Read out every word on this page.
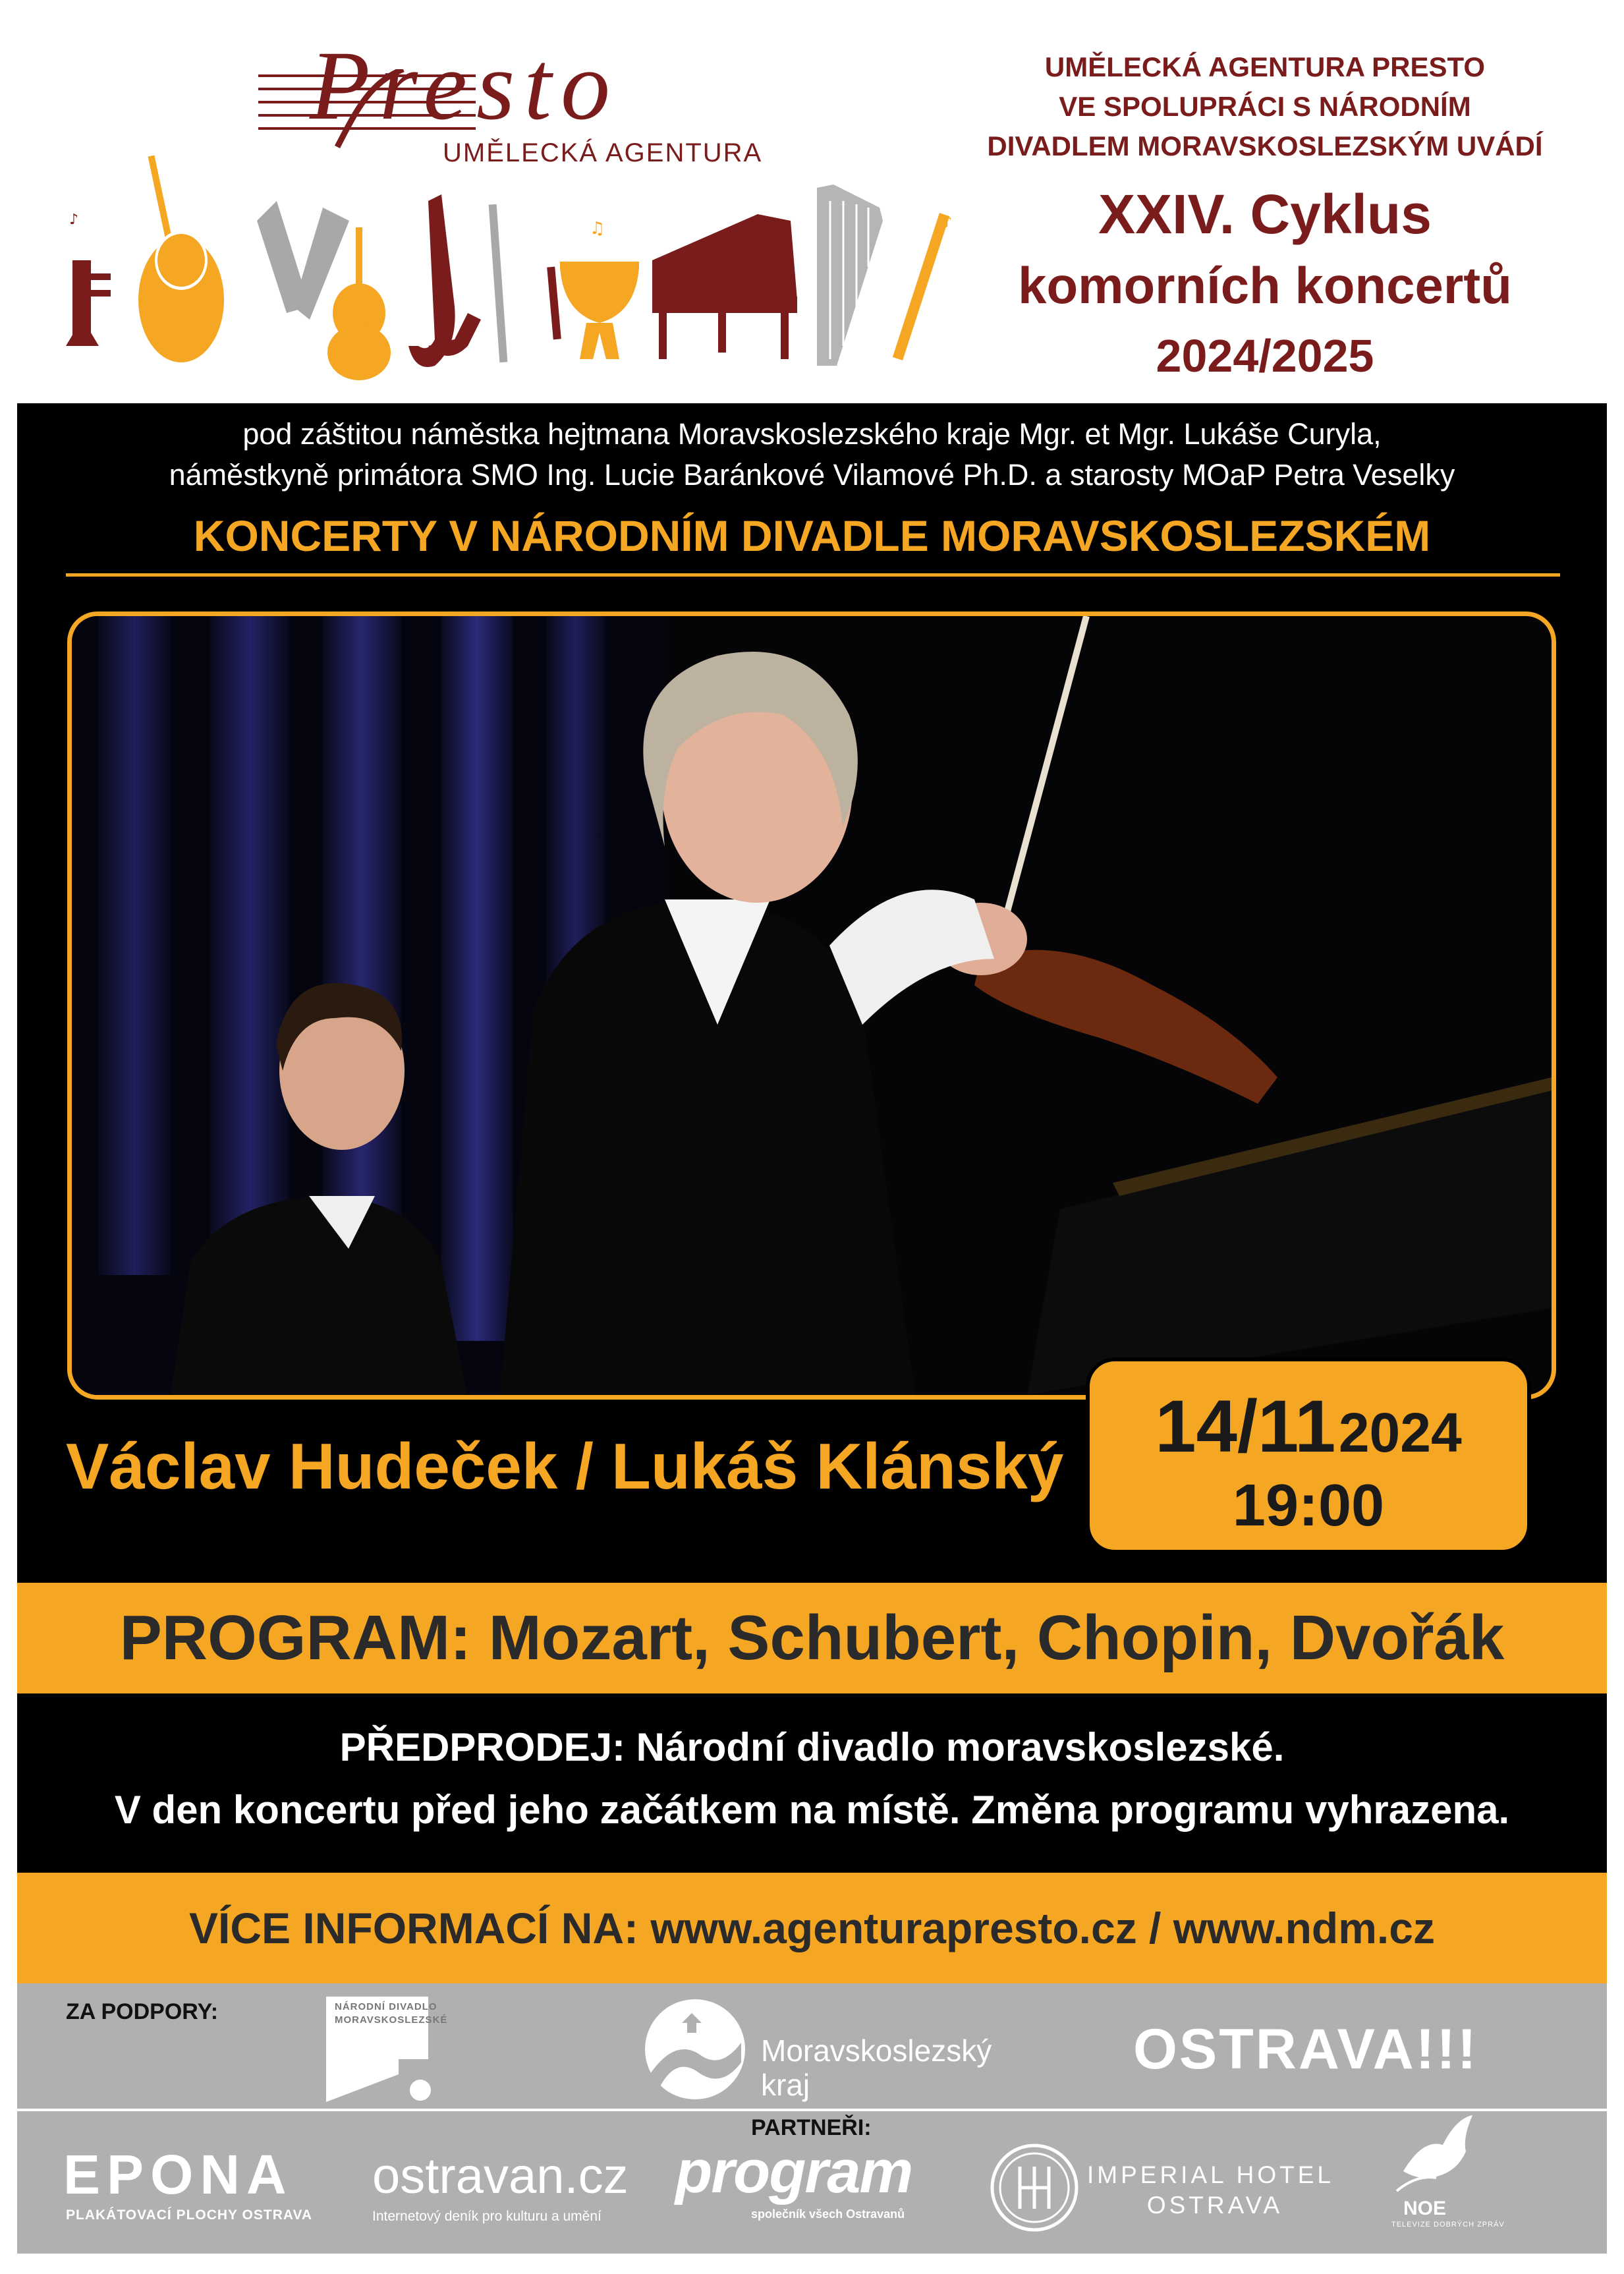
Presto
UMĚLECKÁ AGENTURA
♪	♫	♪
UMĚLECKÁ AGENTURA PRESTO
VE SPOLUPRÁCI S NÁRODNÍM
DIVADLEM MORAVSKOSLEZSKÝM UVÁDÍ
XXIV. Cyklus
komorních koncertů
2024/2025
pod záštitou náměstka hejtmana Moravskoslezského kraje Mgr. et Mgr. Lukáše Curyla,
náměstkyně primátora SMO Ing. Lucie Baránkové Vilamové Ph.D. a starosty MOaP Petra Veselky
KONCERTY V NÁRODNÍM DIVADLE MORAVSKOSLEZSKÉM
Václav Hudeček / Lukáš Klánský	14/11 2024
19:00
PROGRAM: Mozart, Schubert, Chopin, Dvořák
PŘEDPRODEJ: Národní divadlo moravskoslezské.
V den koncertu před jeho začátkem na místě. Změna programu vyhrazena.
VÍCE INFORMACÍ NA: www.agenturapresto.cz / www.ndm.cz
ZA PODPORY:	NÁRODNÍ DIVADLO
MORAVSKOSLEZSKÉ
Moravskoslezský
kraj
OSTRAVA!!!
PARTNEŘI:
EPONA
PLAKÁTOVACÍ PLOCHY OSTRAVA
ostravan.cz
Internetový deník pro kulturu a umění
program
společník všech Ostravanů
IMPERIAL HOTEL
OSTRAVA	NOE
TELEVIZE DOBRÝCH ZPRÁV
